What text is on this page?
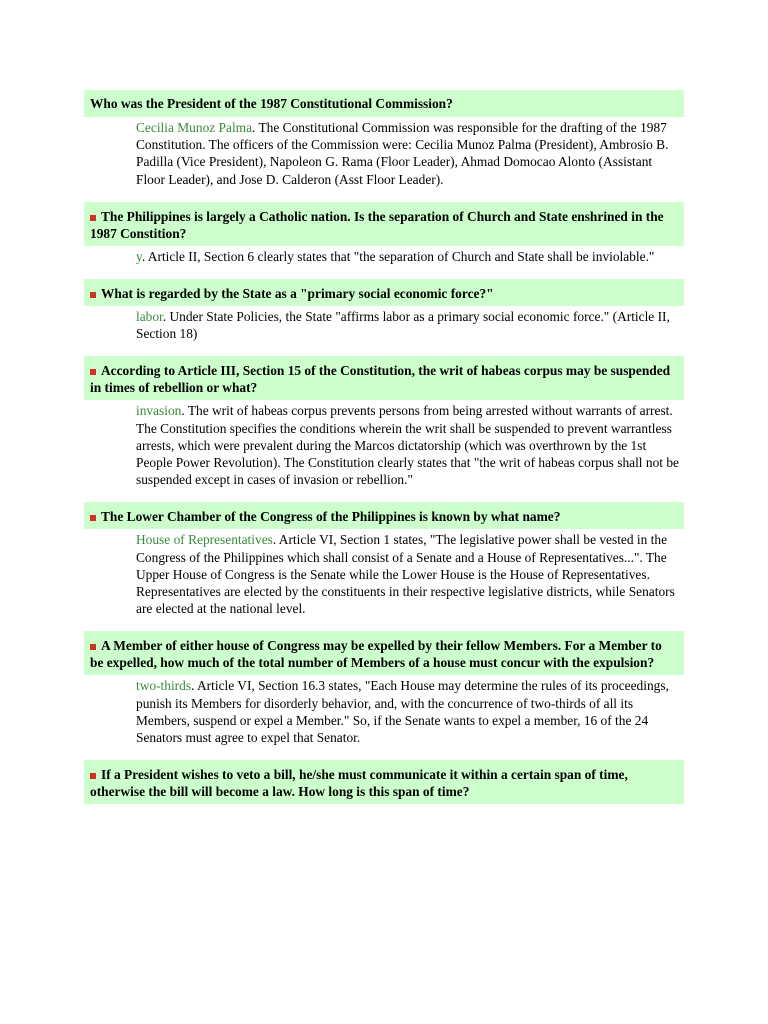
Who was the President of the 1987 Constitutional Commission?
Cecilia Munoz Palma. The Constitutional Commission was responsible for the drafting of the 1987 Constitution. The officers of the Commission were: Cecilia Munoz Palma (President), Ambrosio B. Padilla (Vice President), Napoleon G. Rama (Floor Leader), Ahmad Domocao Alonto (Assistant Floor Leader), and Jose D. Calderon (Asst Floor Leader).
The Philippines is largely a Catholic nation. Is the separation of Church and State enshrined in the 1987 Constition?
y. Article II, Section 6 clearly states that "the separation of Church and State shall be inviolable."
What is regarded by the State as a "primary social economic force?"
labor. Under State Policies, the State "affirms labor as a primary social economic force." (Article II, Section 18)
According to Article III, Section 15 of the Constitution, the writ of habeas corpus may be suspended in times of rebellion or what?
invasion. The writ of habeas corpus prevents persons from being arrested without warrants of arrest. The Constitution specifies the conditions wherein the writ shall be suspended to prevent warrantless arrests, which were prevalent during the Marcos dictatorship (which was overthrown by the 1st People Power Revolution). The Constitution clearly states that "the writ of habeas corpus shall not be suspended except in cases of invasion or rebellion."
The Lower Chamber of the Congress of the Philippines is known by what name?
House of Representatives. Article VI, Section 1 states, "The legislative power shall be vested in the Congress of the Philippines which shall consist of a Senate and a House of Representatives...". The Upper House of Congress is the Senate while the Lower House is the House of Representatives. Representatives are elected by the constituents in their respective legislative districts, while Senators are elected at the national level.
A Member of either house of Congress may be expelled by their fellow Members. For a Member to be expelled, how much of the total number of Members of a house must concur with the expulsion?
two-thirds. Article VI, Section 16.3 states, "Each House may determine the rules of its proceedings, punish its Members for disorderly behavior, and, with the concurrence of two-thirds of all its Members, suspend or expel a Member." So, if the Senate wants to expel a member, 16 of the 24 Senators must agree to expel that Senator.
If a President wishes to veto a bill, he/she must communicate it within a certain span of time, otherwise the bill will become a law. How long is this span of time?
